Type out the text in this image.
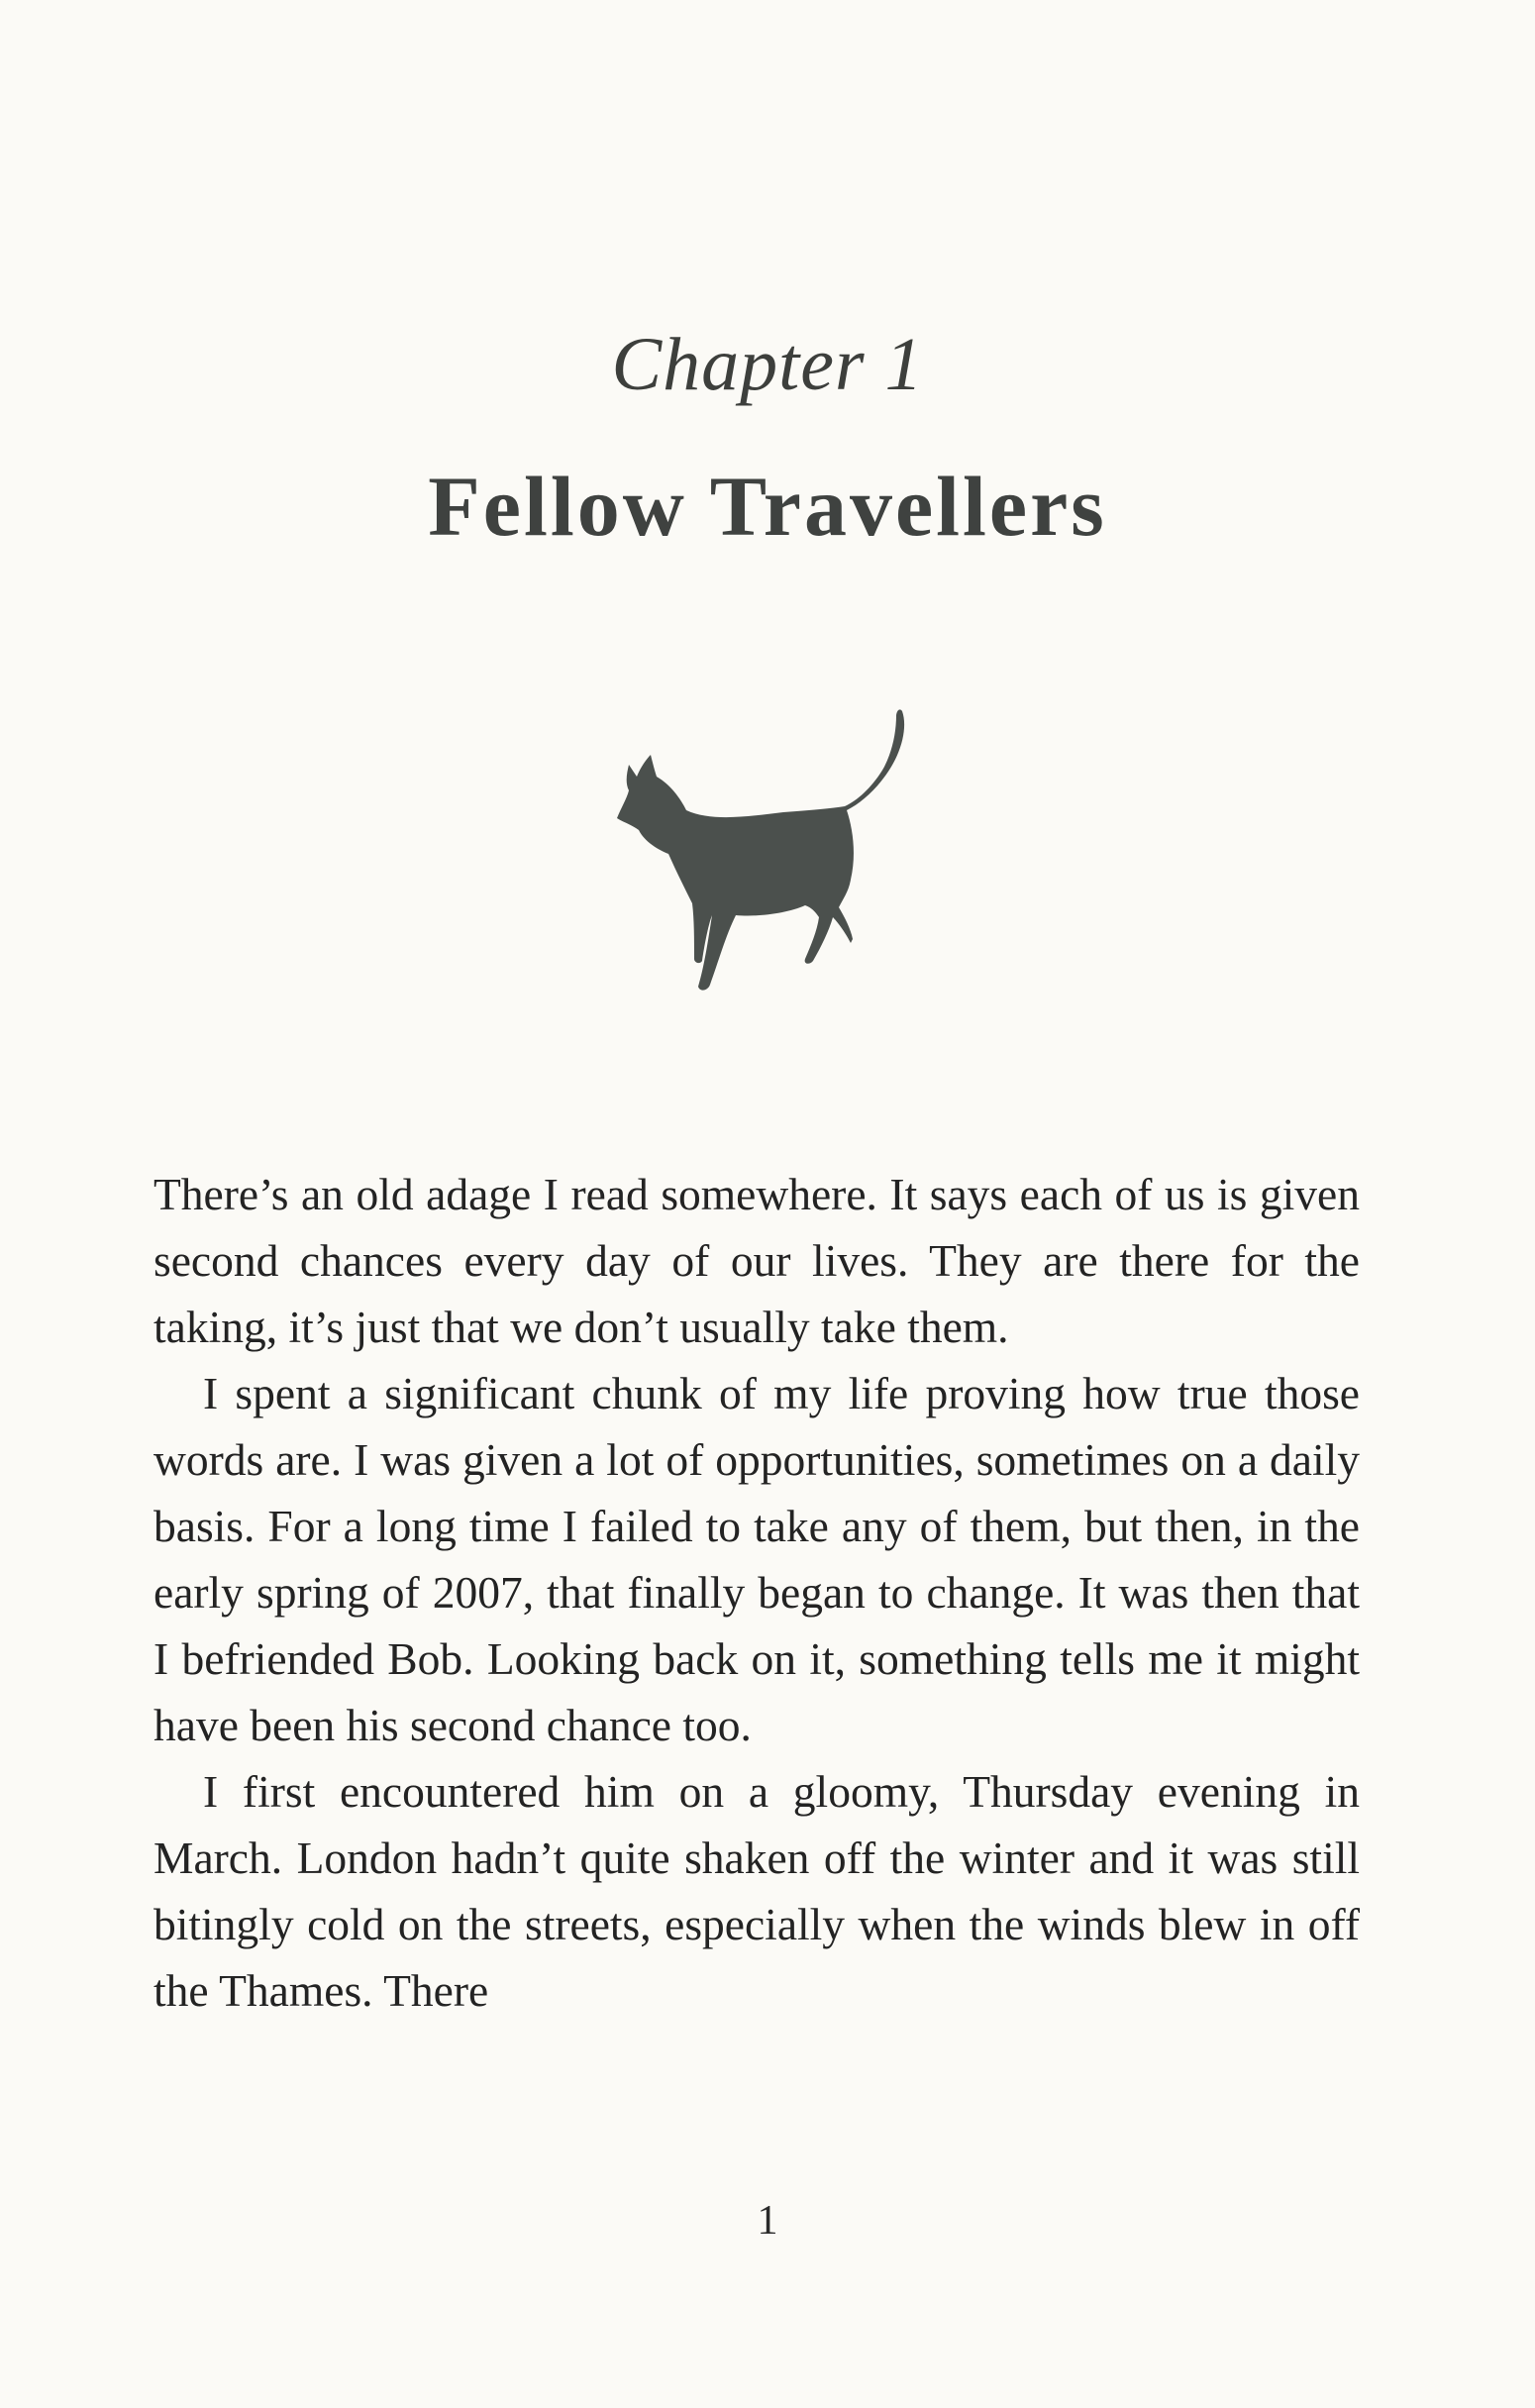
Chapter 1
Fellow Travellers

There’s an old adage I read somewhere. It says each of us is given second chances every day of our lives. They are there for the taking, it’s just that we don’t usually take them.

I spent a significant chunk of my life proving how true those words are. I was given a lot of opportunities, sometimes on a daily basis. For a long time I failed to take any of them, but then, in the early spring of 2007, that finally began to change. It was then that I befriended Bob. Looking back on it, something tells me it might have been his second chance too.

I first encountered him on a gloomy, Thursday evening in March. London hadn’t quite shaken off the winter and it was still bitingly cold on the streets, especially when the winds blew in off the Thames. There

1
